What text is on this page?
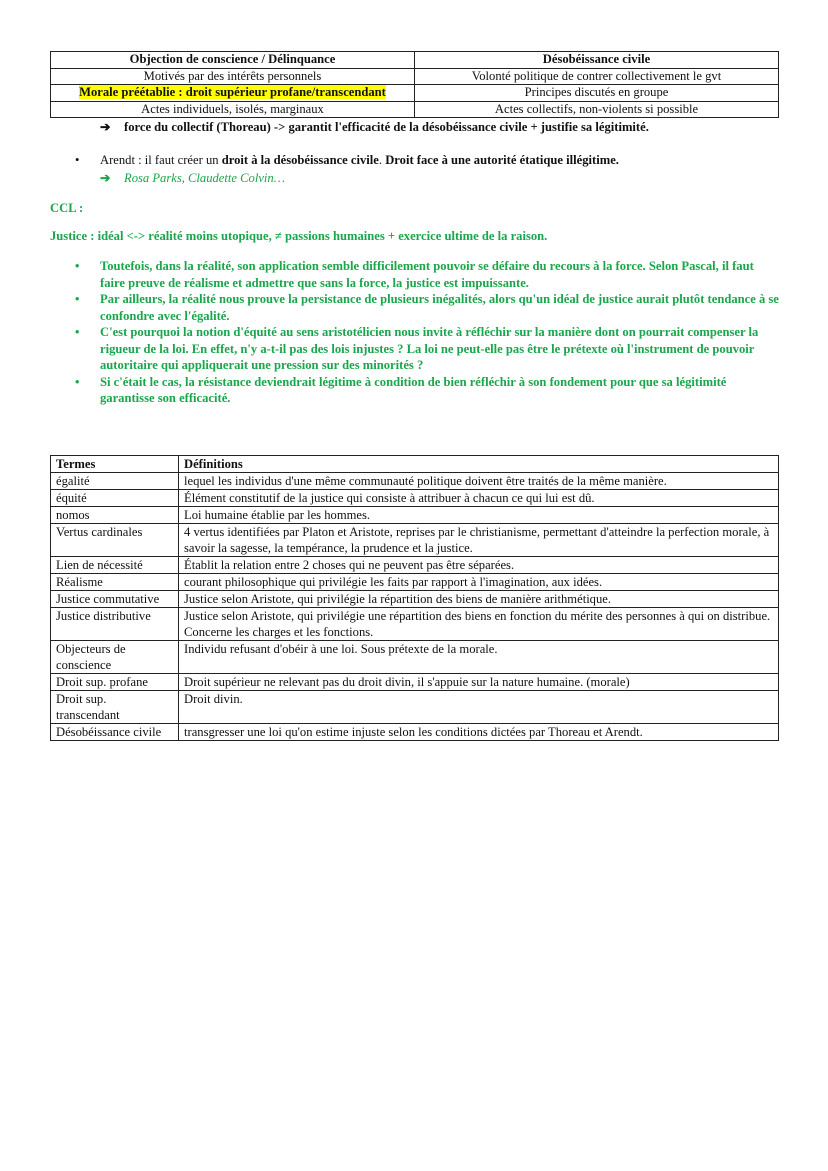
Objection de conscience / Délinquance	Désobéissance civile
Motivés par des intérêts personnels	Volonté politique de contrer collectivement le gvt
Morale préétablie : droit supérieur profane/transcendant	Principes discutés en groupe
Actes individuels, isolés, marginaux	Actes collectifs, non-violents si possible
➔ force du collectif (Thoreau) -> garantit l'efficacité de la désobéissance civile + justifie sa légitimité.
• Arendt : il faut créer un droit à la désobéissance civile. Droit face à une autorité étatique illégitime.
➔ Rosa Parks, Claudette Colvin…
CCL :
Justice : idéal <-> réalité moins utopique, ≠ passions humaines + exercice ultime de la raison.
• Toutefois, dans la réalité, son application semble difficilement pouvoir se défaire du recours à la force. Selon Pascal, il faut faire preuve de réalisme et admettre que sans la force, la justice est impuissante.
• Par ailleurs, la réalité nous prouve la persistance de plusieurs inégalités, alors qu'un idéal de justice aurait plutôt tendance à se confondre avec l'égalité.
• C'est pourquoi la notion d'équité au sens aristotélicien nous invite à réfléchir sur la manière dont on pourrait compenser la rigueur de la loi. En effet, n'y a-t-il pas des lois injustes ? La loi ne peut-elle pas être le prétexte où l'instrument de pouvoir autoritaire qui appliquerait une pression sur des minorités ?
• Si c'était le cas, la résistance deviendrait légitime à condition de bien réfléchir à son fondement pour que sa légitimité garantisse son efficacité.
Termes	Définitions
égalité	lequel les individus d'une même communauté politique doivent être traités de la même manière.
équité	Élément constitutif de la justice qui consiste à attribuer à chacun ce qui lui est dû.
nomos	Loi humaine établie par les hommes.
Vertus cardinales	4 vertus identifiées par Platon et Aristote, reprises par le christianisme, permettant d'atteindre la perfection morale, à savoir la sagesse, la tempérance, la prudence et la justice.
Lien de nécessité	Établit la relation entre 2 choses qui ne peuvent pas être séparées.
Réalisme	courant philosophique qui privilégie les faits par rapport à l'imagination, aux idées.
Justice commutative	Justice selon Aristote, qui privilégie la répartition des biens de manière arithmétique.
Justice distributive	Justice selon Aristote, qui privilégie une répartition des biens en fonction du mérite des personnes à qui on distribue. Concerne les charges et les fonctions.
Objecteurs de conscience	Individu refusant d'obéir à une loi. Sous prétexte de la morale.
Droit sup. profane	Droit supérieur ne relevant pas du droit divin, il s'appuie sur la nature humaine. (morale)
Droit sup. transcendant	Droit divin.
Désobéissance civile	transgresser une loi qu'on estime injuste selon les conditions dictées par Thoreau et Arendt.
